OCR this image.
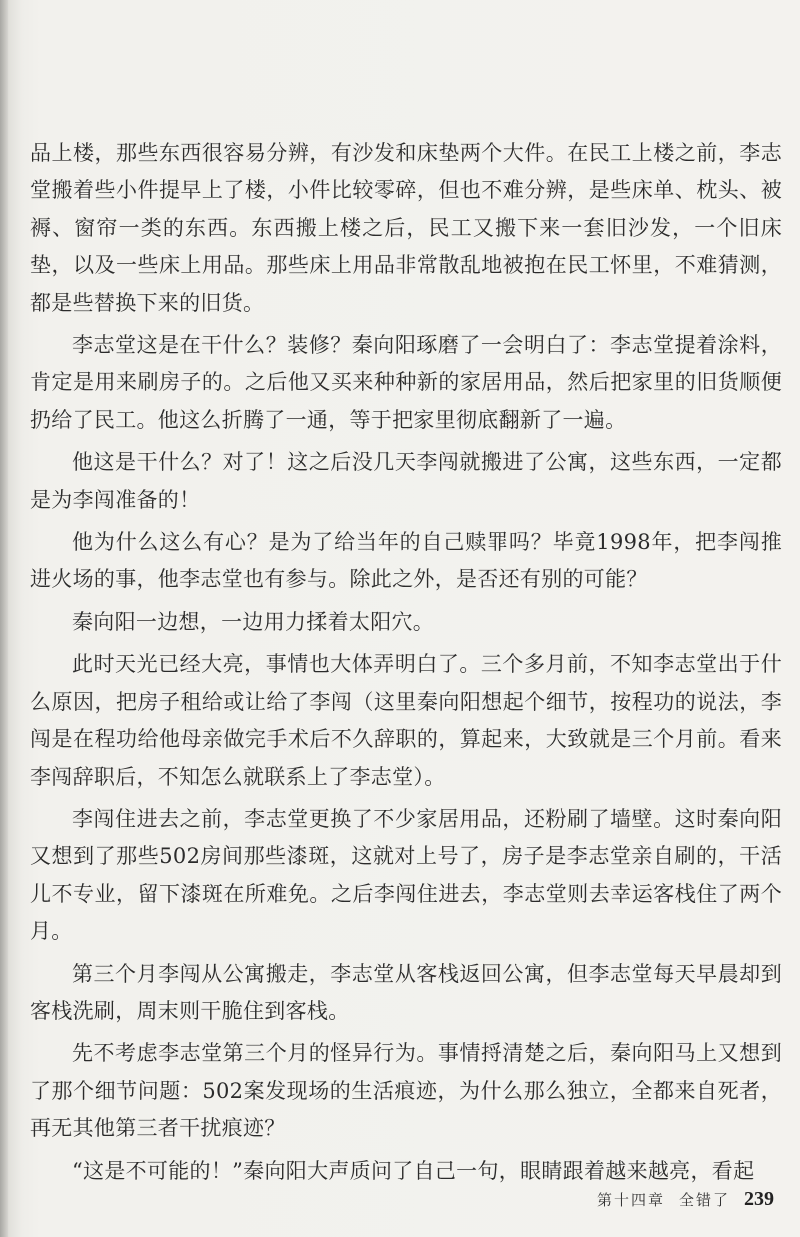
品上楼，那些东西很容易分辨，有沙发和床垫两个大件。在民工上楼之前，李志堂搬着些小件提早上了楼，小件比较零碎，但也不难分辨，是些床单、枕头、被褥、窗帘一类的东西。东西搬上楼之后，民工又搬下来一套旧沙发，一个旧床垫，以及一些床上用品。那些床上用品非常散乱地被抱在民工怀里，不难猜测，都是些替换下来的旧货。

李志堂这是在干什么？装修？秦向阳琢磨了一会明白了：李志堂提着涂料，肯定是用来刷房子的。之后他又买来种种新的家居用品，然后把家里的旧货顺便扔给了民工。他这么折腾了一通，等于把家里彻底翻新了一遍。

他这是干什么？对了！这之后没几天李闯就搬进了公寓，这些东西，一定都是为李闯准备的！

他为什么这么有心？是为了给当年的自己赎罪吗？毕竟1998年，把李闯推进火场的事，他李志堂也有参与。除此之外，是否还有别的可能？

秦向阳一边想，一边用力揉着太阳穴。

此时天光已经大亮，事情也大体弄明白了。三个多月前，不知李志堂出于什么原因，把房子租给或让给了李闯（这里秦向阳想起个细节，按程功的说法，李闯是在程功给他母亲做完手术后不久辞职的，算起来，大致就是三个月前。看来李闯辞职后，不知怎么就联系上了李志堂）。

李闯住进去之前，李志堂更换了不少家居用品，还粉刷了墙壁。这时秦向阳又想到了那些502房间那些漆斑，这就对上号了，房子是李志堂亲自刷的，干活儿不专业，留下漆斑在所难免。之后李闯住进去，李志堂则去幸运客栈住了两个月。

第三个月李闯从公寓搬走，李志堂从客栈返回公寓，但李志堂每天早晨却到客栈洗刷，周末则干脆住到客栈。

先不考虑李志堂第三个月的怪异行为。事情捋清楚之后，秦向阳马上又想到了那个细节问题：502案发现场的生活痕迹，为什么那么独立，全都来自死者，再无其他第三者干扰痕迹？

“这是不可能的！”秦向阳大声质问了自己一句，眼睛跟着越来越亮，看起

第十四章 全错了 239
